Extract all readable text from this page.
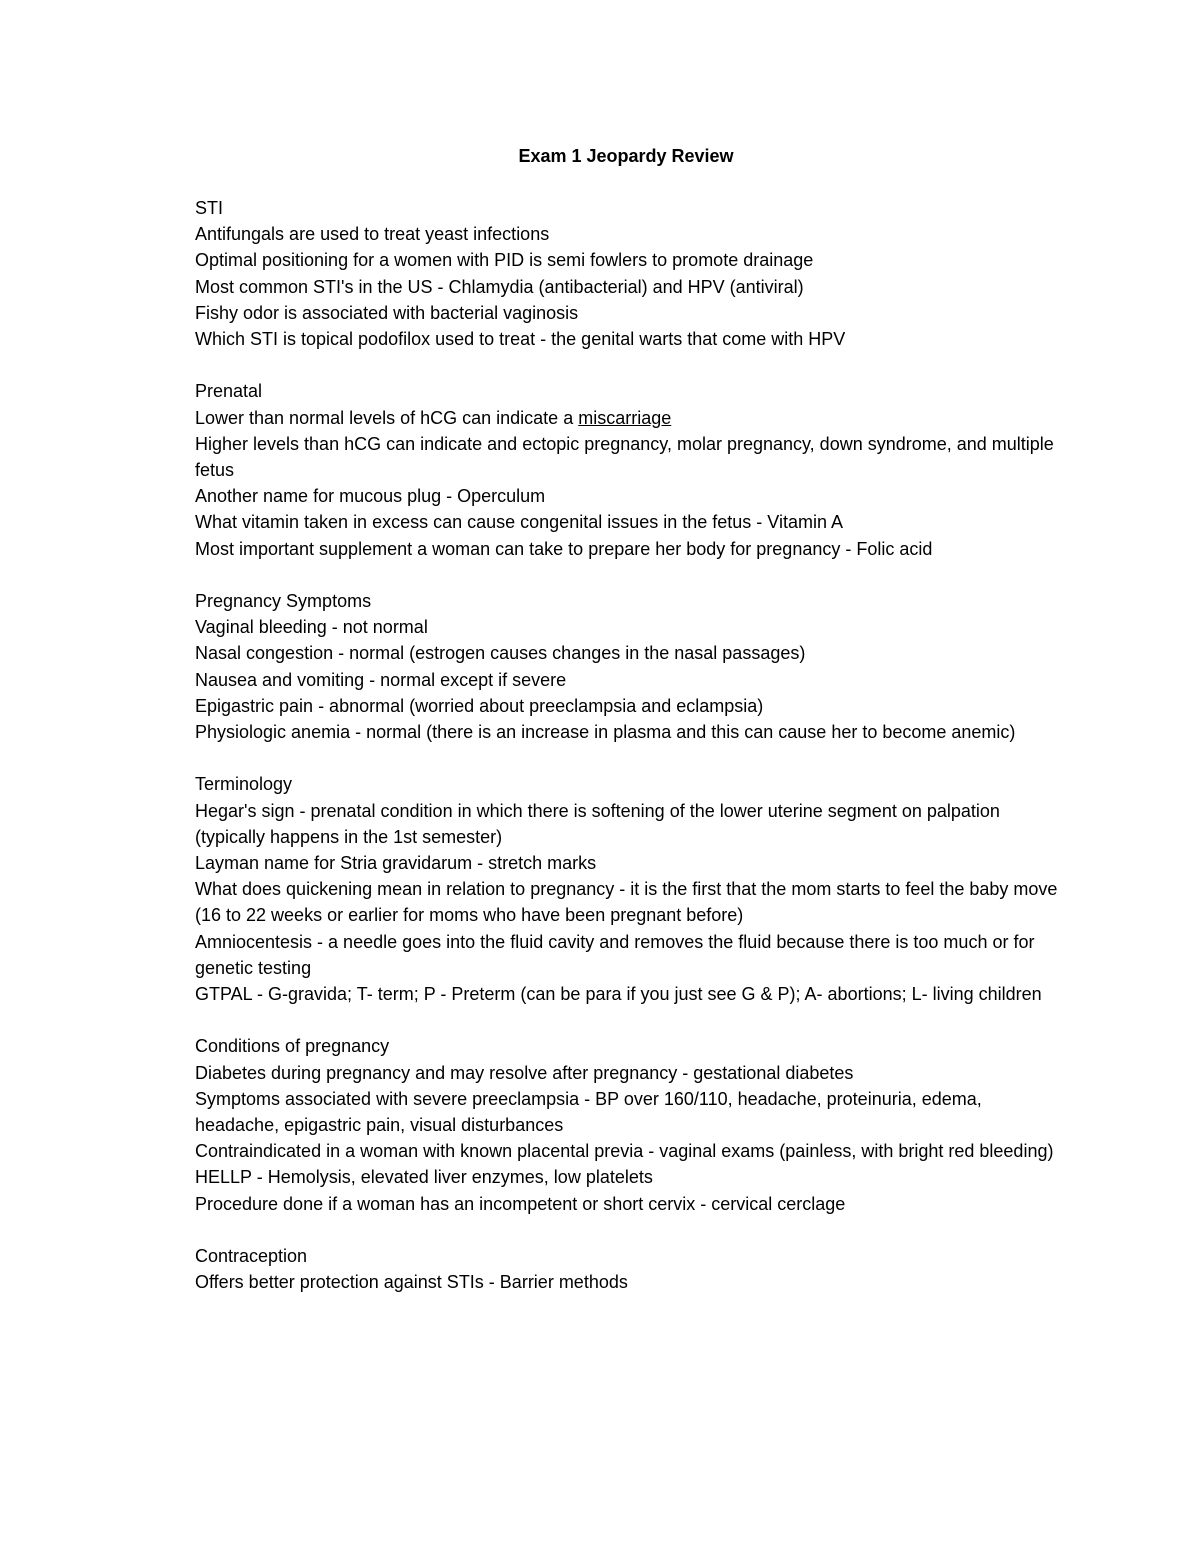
Exam 1 Jeopardy Review
STI
Antifungals are used to treat yeast infections
Optimal positioning for a women with PID is semi fowlers to promote drainage
Most common STI's in the US - Chlamydia (antibacterial) and HPV (antiviral)
Fishy odor is associated with bacterial vaginosis
Which STI is topical podofilox used to treat - the genital warts that come with HPV
Prenatal
Lower than normal levels of hCG can indicate a miscarriage
Higher levels than hCG can indicate and ectopic pregnancy, molar pregnancy, down syndrome, and multiple fetus
Another name for mucous plug - Operculum
What vitamin taken in excess can cause congenital issues in the fetus - Vitamin A
Most important supplement a woman can take to prepare her body for pregnancy - Folic acid
Pregnancy Symptoms
Vaginal bleeding - not normal
Nasal congestion - normal (estrogen causes changes in the nasal passages)
Nausea and vomiting - normal except if severe
Epigastric pain - abnormal (worried about preeclampsia and eclampsia)
Physiologic anemia - normal (there is an increase in plasma and this can cause her to become anemic)
Terminology
Hegar's sign - prenatal condition in which there is softening of the lower uterine segment on palpation (typically happens in the 1st semester)
Layman name for Stria gravidarum - stretch marks
What does quickening mean in relation to pregnancy - it is the first that the mom starts to feel the baby move (16 to 22 weeks or earlier for moms who have been pregnant before)
Amniocentesis - a needle goes into the fluid cavity and removes the fluid because there is too much or for genetic testing
GTPAL - G-gravida; T- term; P - Preterm (can be para if you just see G & P); A- abortions; L- living children
Conditions of pregnancy
Diabetes during pregnancy and may resolve after pregnancy - gestational diabetes
Symptoms associated with severe preeclampsia - BP over 160/110, headache, proteinuria, edema, headache, epigastric pain, visual disturbances
Contraindicated in a woman with known placental previa - vaginal exams (painless, with bright red bleeding)
HELLP - Hemolysis, elevated liver enzymes, low platelets
Procedure done if a woman has an incompetent or short cervix - cervical cerclage
Contraception
Offers better protection against STIs - Barrier methods
